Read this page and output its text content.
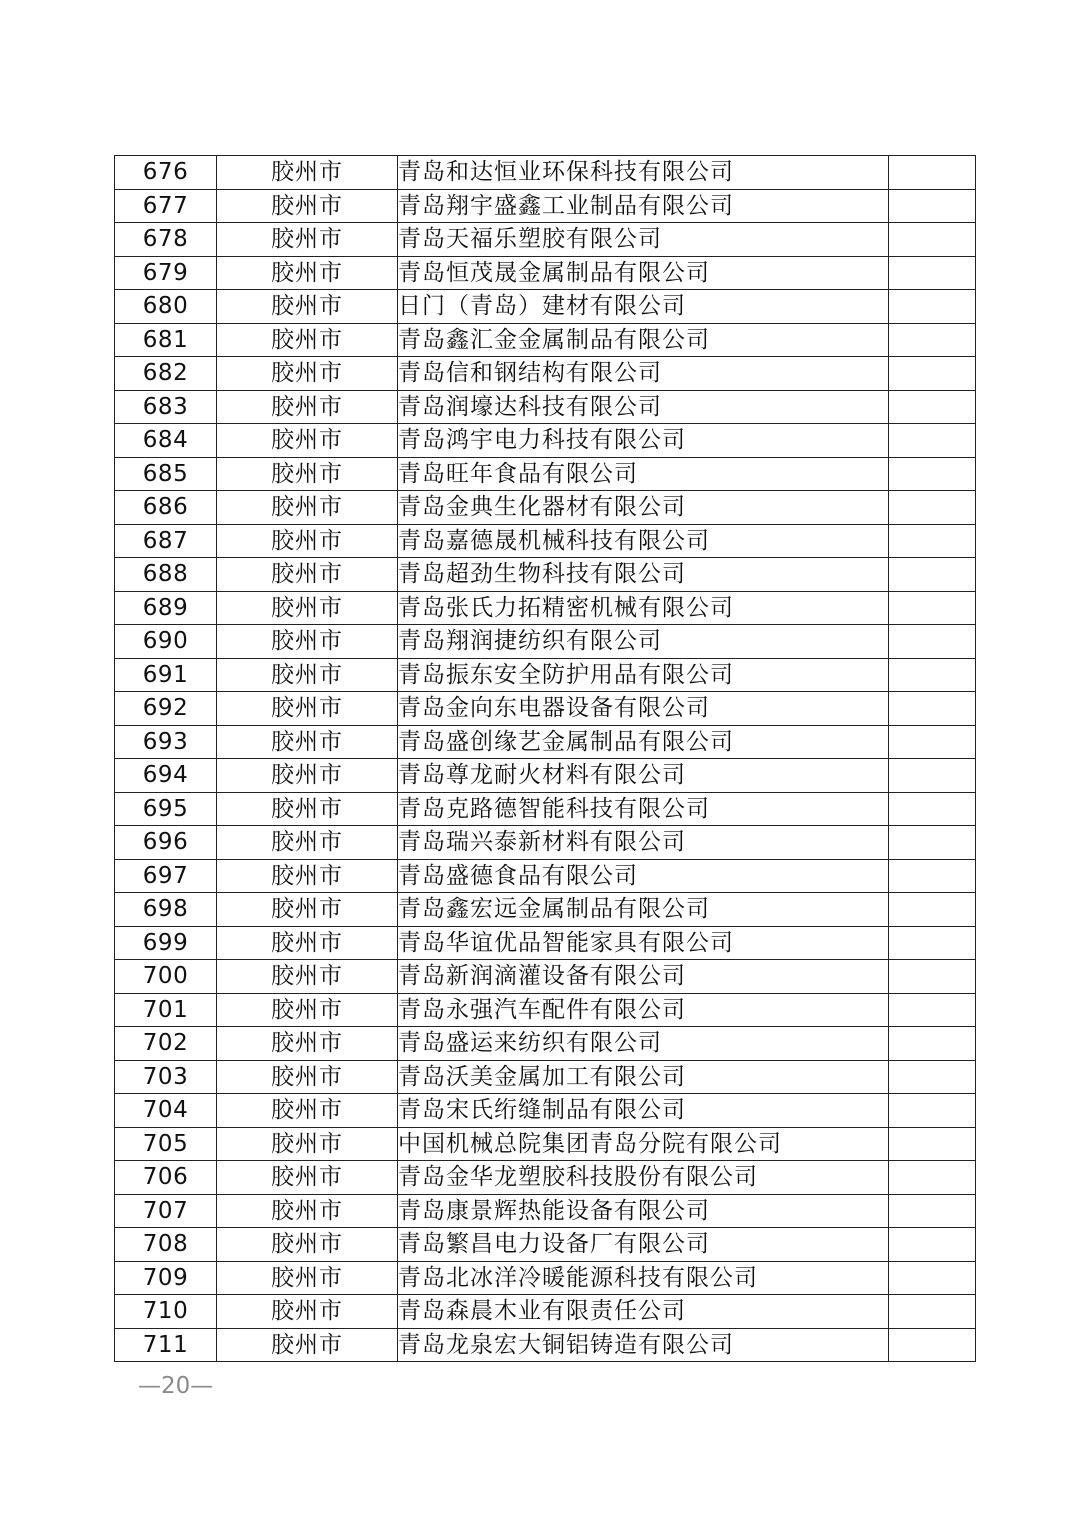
676	胶州市	青岛和达恒业环保科技有限公司	
677	胶州市	青岛翔宇盛鑫工业制品有限公司	
678	胶州市	青岛天福乐塑胶有限公司	
679	胶州市	青岛恒茂晟金属制品有限公司	
680	胶州市	日门（青岛）建材有限公司	
681	胶州市	青岛鑫汇金金属制品有限公司	
682	胶州市	青岛信和钢结构有限公司	
683	胶州市	青岛润壕达科技有限公司	
684	胶州市	青岛鸿宇电力科技有限公司	
685	胶州市	青岛旺年食品有限公司	
686	胶州市	青岛金典生化器材有限公司	
687	胶州市	青岛嘉德晟机械科技有限公司	
688	胶州市	青岛超劲生物科技有限公司	
689	胶州市	青岛张氏力拓精密机械有限公司	
690	胶州市	青岛翔润捷纺织有限公司	
691	胶州市	青岛振东安全防护用品有限公司	
692	胶州市	青岛金向东电器设备有限公司	
693	胶州市	青岛盛创缘艺金属制品有限公司	
694	胶州市	青岛尊龙耐火材料有限公司	
695	胶州市	青岛克路德智能科技有限公司	
696	胶州市	青岛瑞兴泰新材料有限公司	
697	胶州市	青岛盛德食品有限公司	
698	胶州市	青岛鑫宏远金属制品有限公司	
699	胶州市	青岛华谊优品智能家具有限公司	
700	胶州市	青岛新润滴灌设备有限公司	
701	胶州市	青岛永强汽车配件有限公司	
702	胶州市	青岛盛运来纺织有限公司	
703	胶州市	青岛沃美金属加工有限公司	
704	胶州市	青岛宋氏绗缝制品有限公司	
705	胶州市	中国机械总院集团青岛分院有限公司	
706	胶州市	青岛金华龙塑胶科技股份有限公司	
707	胶州市	青岛康景辉热能设备有限公司	
708	胶州市	青岛繁昌电力设备厂有限公司	
709	胶州市	青岛北冰洋冷暖能源科技有限公司	
710	胶州市	青岛森晨木业有限责任公司	
711	胶州市	青岛龙泉宏大铜铝铸造有限公司	
—20—
